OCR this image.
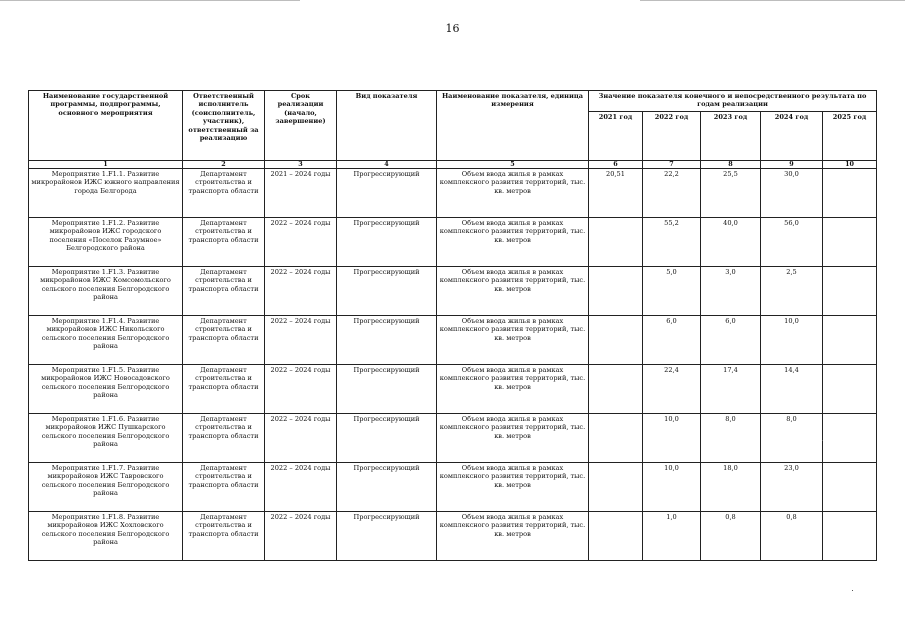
16
Наименование государственной программы, подпрограммы, основного мероприятия	Ответственный исполнитель (соисполнитель, участник), ответственный за реализацию	Срок реализации (начало, завершение)	Вид показателя	Наименование показателя, единица измерения	Значение показателя конечного и непосредственного результата по годам реализации				
					2021 год	2022 год	2023 год	2024 год	2025 год
1	2	3	4	5	6	7	8	9	10
Мероприятие 1.F1.1. Развитие микрорайонов ИЖС южного направления города Белгорода	Департамент строительства и транспорта области	2021 – 2024 годы	Прогрессирующий	Объем ввода жилья в рамках комплексного развития территорий, тыс. кв. метров	20,51	22,2	25,5	30,0	
Мероприятие 1.F1.2. Развитие микрорайонов ИЖС городского поселения «Поселок Разумное» Белгородского района	Департамент строительства и транспорта области	2022 – 2024 годы	Прогрессирующий	Объем ввода жилья в рамках комплексного развития территорий, тыс. кв. метров		55,2	40,0	56,0	
Мероприятие 1.F1.3. Развитие микрорайонов ИЖС Комсомольского сельского поселения Белгородского района	Департамент строительства и транспорта области	2022 – 2024 годы	Прогрессирующий	Объем ввода жилья в рамках комплексного развития территорий, тыс. кв. метров		5,0	3,0	2,5	
Мероприятие 1.F1.4. Развитие микрорайонов ИЖС Никольского сельского поселения Белгородского района	Департамент строительства и транспорта области	2022 – 2024 годы	Прогрессирующий	Объем ввода жилья в рамках комплексного развития территорий, тыс. кв. метров		6,0	6,0	10,0	
Мероприятие 1.F1.5. Развитие микрорайонов ИЖС Новосадовского сельского поселения Белгородского района	Департамент строительства и транспорта области	2022 – 2024 годы	Прогрессирующий	Объем ввода жилья в рамках комплексного развития территорий, тыс. кв. метров		22,4	17,4	14,4	
Мероприятие 1.F1.6. Развитие микрорайонов ИЖС Пушкарского сельского поселения Белгородского района	Департамент строительства и транспорта области	2022 – 2024 годы	Прогрессирующий	Объем ввода жилья в рамках комплексного развития территорий, тыс. кв. метров		10,0	8,0	8,0	
Мероприятие 1.F1.7. Развитие микрорайонов ИЖС Тавровского сельского поселения Белгородского района	Департамент строительства и транспорта области	2022 – 2024 годы	Прогрессирующий	Объем ввода жилья в рамках комплексного развития территорий, тыс. кв. метров		10,0	18,0	23,0	
Мероприятие 1.F1.8. Развитие микрорайонов ИЖС Хохловского сельского поселения Белгородского района	Департамент строительства и транспорта области	2022 – 2024 годы	Прогрессирующий	Объем ввода жилья в рамках комплексного развития территорий, тыс. кв. метров		1,0	0,8	0,8	
